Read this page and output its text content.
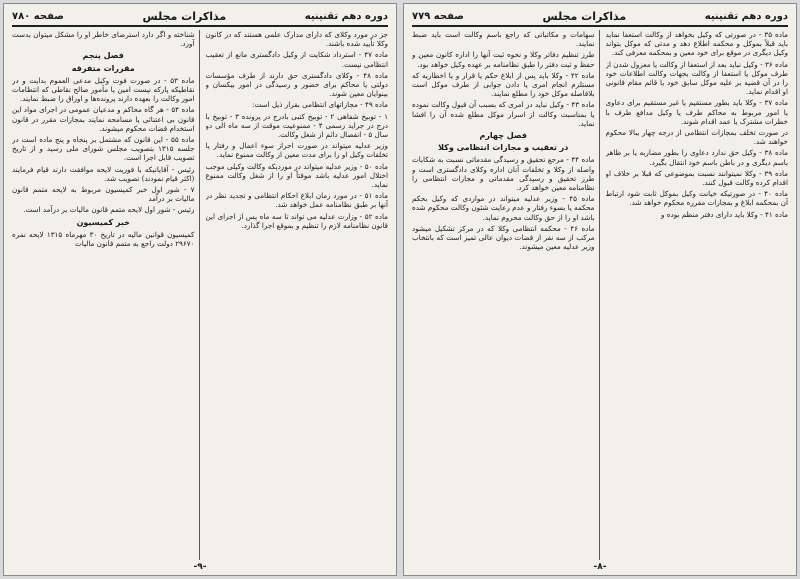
دوره دهم تقنینیه
مذاکرات مجلس
صفحه ۷۸۰

جز در مورد وکلای که دارای مدارک علمی هستند که در کانون وکلا تأیید شده باشند.

ماده ۴۷ - استرداد شکایت از وکیل دادگستری مانع از تعقیب انتظامی نیست.

ماده ۴۸ - وکلای دادگستری حق دارند از طرف مؤسسات دولتی یا محاکم برای حضور و رسیدگی در امور بیکسان و بینوایان معین شوند.

ماده ۴۹ - مجازاتهای انتظامی بقرار ذیل است:

۱ - توبیخ شفاهی ۲ - توبیخ کتبی بادرج در پرونده ۳ - توبیخ با درج در جراید رسمی ۴ - ممنوعیت موقت از سه ماه الی دو سال ۵ - انفصال دائم از شغل وکالت.

وزیر عدلیه میتواند در صورت احراز سوء اعمال و رفتار یا تخلفات وکیل او را برای مدت معین از وکالت ممنوع نماید.

ماده ۵۰ - وزیر عدلیه میتواند در موردیکه وکالت وکیلی موجب اختلال امور عدلیه باشد موقتاً او را از شغل وکالت ممنوع نماید.

ماده ۵۱ - در مورد زمان ابلاغ احکام انتظامی و تجدید نظر در آنها بر طبق نظامنامه عمل خواهد شد.

ماده ۵۲ - وزارت عدلیه می تواند تا سه ماه پس از اجرای این قانون نظامنامه لازم را تنظیم و بموقع اجرا گذارد.

شناخته و اگر دارد استرضای خاطر او را مشکل میتوان بدست آورد.

فصل پنجم
مقررات متفرقه

ماده ۵۳ - در صورت فوت وکیل مدعی العموم بدایت و در نقاطیکه پارکه نیست امین یا مأمور صالح نقاطی که انتظامات امور وکالت را بعهده دارند پرونده‌ها و اوراق را ضبط نمایند.

ماده ۵۴ - هر گاه محاکم و مدعیان عمومی در اجرای مواد این قانون بی اعتنائی یا مسامحه نمایند بمجازات مقرر در قانون استخدام قضات محکوم میشوند.

ماده ۵۵ - این قانون که مشتمل بر پنجاه و پنج ماده است در جلسه ۱۳۱۵ بتصویب مجلس شورای ملی رسید و از تاریخ تصویب قابل اجرا است.

رئیس - آقایانیکه با فوریت لایحه موافقت دارند قیام فرمایند (اکثر قیام نمودند) تصویب شد.

۷ - شور اول خبر کمیسیون مربوط به لایحه متمم قانون مالیات بر درآمد

رئیس - شور اول لایحه متمم قانون مالیات بر درآمد است.

خبر کمیسیون

کمیسیون قوانین مالیه در تاریخ ۳۰ مهرماه ۱۳۱۵ لایحه نمره ۲۹۶۷۰ دولت راجع به متمم قانون مالیات

-۹-
دوره دهم تقنینیه
مذاکرات مجلس
صفحه ۷۷۹

ماده ۳۵ - در صورتی که وکیل بخواهد از وکالت استعفا نماید باید قبلاً بموکل و محکمه اطلاع دهد و مدتی که موکل بتواند وکیل دیگری در موقع برای خود معین و بمحکمه معرفی کند.

ماده ۳۶ - وکیل نباید بعد از استعفا از وکالت یا معزول شدن از طرف موکل یا استعفا از وکالت بجهات وکالت اطلاعات خود را در آن قضیه بر علیه موکل سابق خود یا قائم مقام قانونی او اقدام نماید.

ماده ۳۷ - وکلا باید بطور مستقیم یا غیر مستقیم برای دعاوی یا امور مربوط به محاکم طرف یا وکیل مدافع طرف با خطرات مشترک یا عمد اقدام شوند.

در صورت تخلف بمجازات انتظامی از درجه چهار ببالا محکوم خواهند شد.

ماده ۳۸ - وکیل حق ندارد دعاوی را بطور مضاربه یا بر ظاهر باسم دیگری و در باطن باسم خود انتقال بگیرد.

ماده ۳۹ - وکلا نمیتوانند نسبت بموضوعی که قبلا بر خلاف او اقدام کرده وکالت قبول کنند.

ماده ۴۰ - در صورتیکه خیانت وکیل بموکل ثابت شود ارتباط آن بمحکمه ابلاغ و بمجازات مقرره محکوم خواهد شد.

ماده ۴۱ - وکلا باید دارای دفتر منظم بوده و

سهامات و مکاتباتی که راجع باسم وکالت است باید ضبط نمایند.

طرز تنظیم دفاتر وکلا و نحوه ثبت آنها را اداره کانون معین و حفظ و ثبت دفتر را طبق نظامنامه بر عهده وکیل خواهد بود.

ماده ۴۲ - وکلا باید پس از ابلاغ حکم یا قرار و یا اخطاریه که مستلزم انجام امری یا دادن جوابی از طرف موکل است بلافاصله موکل خود را مطلع نمایند.

ماده ۴۳ - وکیل نباید در امری که بسبب آن قبول وکالت نموده یا بمناسبت وکالت از اسرار موکل مطلع شده آن را افشا نماید.

فصل چهارم
در تعقیب و مجازات انتظامی وکلا

ماده ۴۴ - مرجع تحقیق و رسیدگی مقدماتی نسبت به شکایات واصله از وکلا و تخلفات آنان اداره وکلای دادگستری است و طرز تحقیق و رسیدگی مقدماتی و مجازات انتظامی را نظامنامه معین خواهد کرد.

ماده ۴۵ - وزیر عدلیه میتواند در مواردی که وکیل بحکم محکمه یا بسوء رفتار و عدم رعایت شئون وکالت محکوم شده باشد او را از حق وکالت محروم نماید.

ماده ۴۶ - محکمه انتظامی وکلا که در مرکز تشکیل میشود مرکب از سه نفر از قضات دیوان عالی تمیز است که بانتخاب وزیر عدلیه معین میشوند.

-۸-
